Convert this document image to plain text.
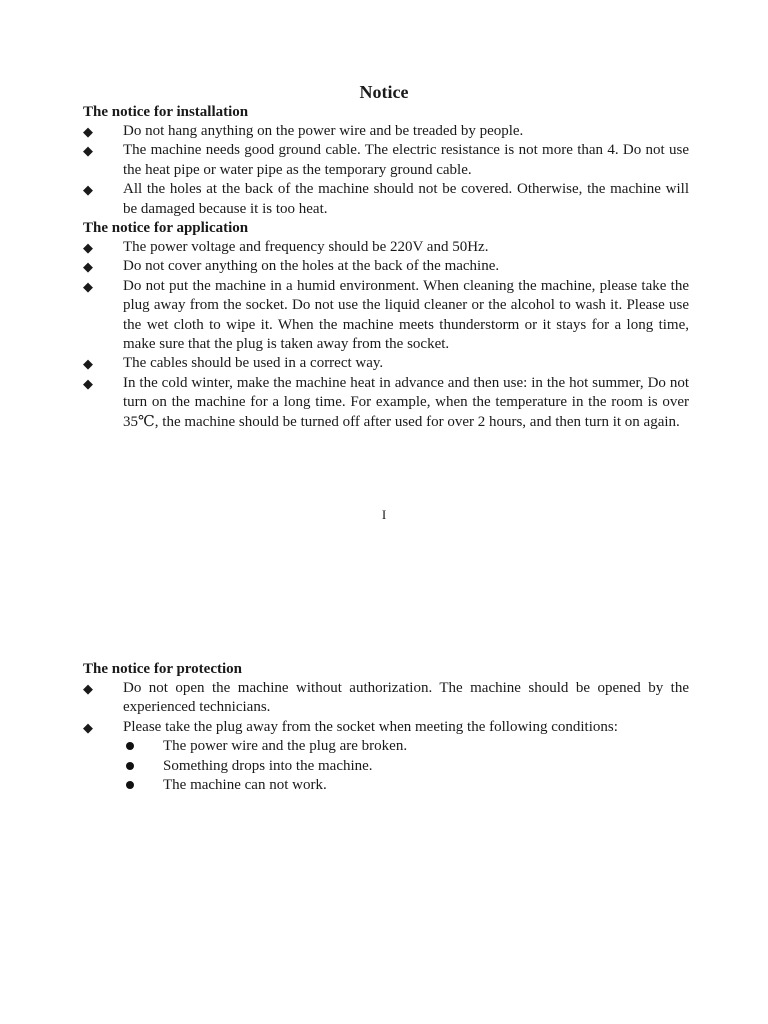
Notice

The notice for installation

◆ Do not hang anything on the power wire and be treaded by people.
◆ The machine needs good ground cable. The electric resistance is not more than 4. Do not use the heat pipe or water pipe as the temporary ground cable.
◆ All the holes at the back of the machine should not be covered. Otherwise, the machine will be damaged because it is too heat.

The notice for application

◆ The power voltage and frequency should be 220V and 50Hz.
◆ Do not cover anything on the holes at the back of the machine.
◆ Do not put the machine in a humid environment. When cleaning the machine, please take the plug away from the socket. Do not use the liquid cleaner or the alcohol to wash it. Please use the wet cloth to wipe it. When the machine meets thunderstorm or it stays for a long time, make sure that the plug is taken away from the socket.
◆ The cables should be used in a correct way.
◆ In the cold winter, make the machine heat in advance and then use: in the hot summer, Do not turn on the machine for a long time. For example, when the temperature in the room is over 35℃, the machine should be turned off after used for over 2 hours, and then turn it on again.
I

The notice for protection

◆ Do not open the machine without authorization. The machine should be opened by the experienced technicians.
◆ Please take the plug away from the socket when meeting the following conditions:
The power wire and the plug are broken.
Something drops into the machine.
The machine can not work.
